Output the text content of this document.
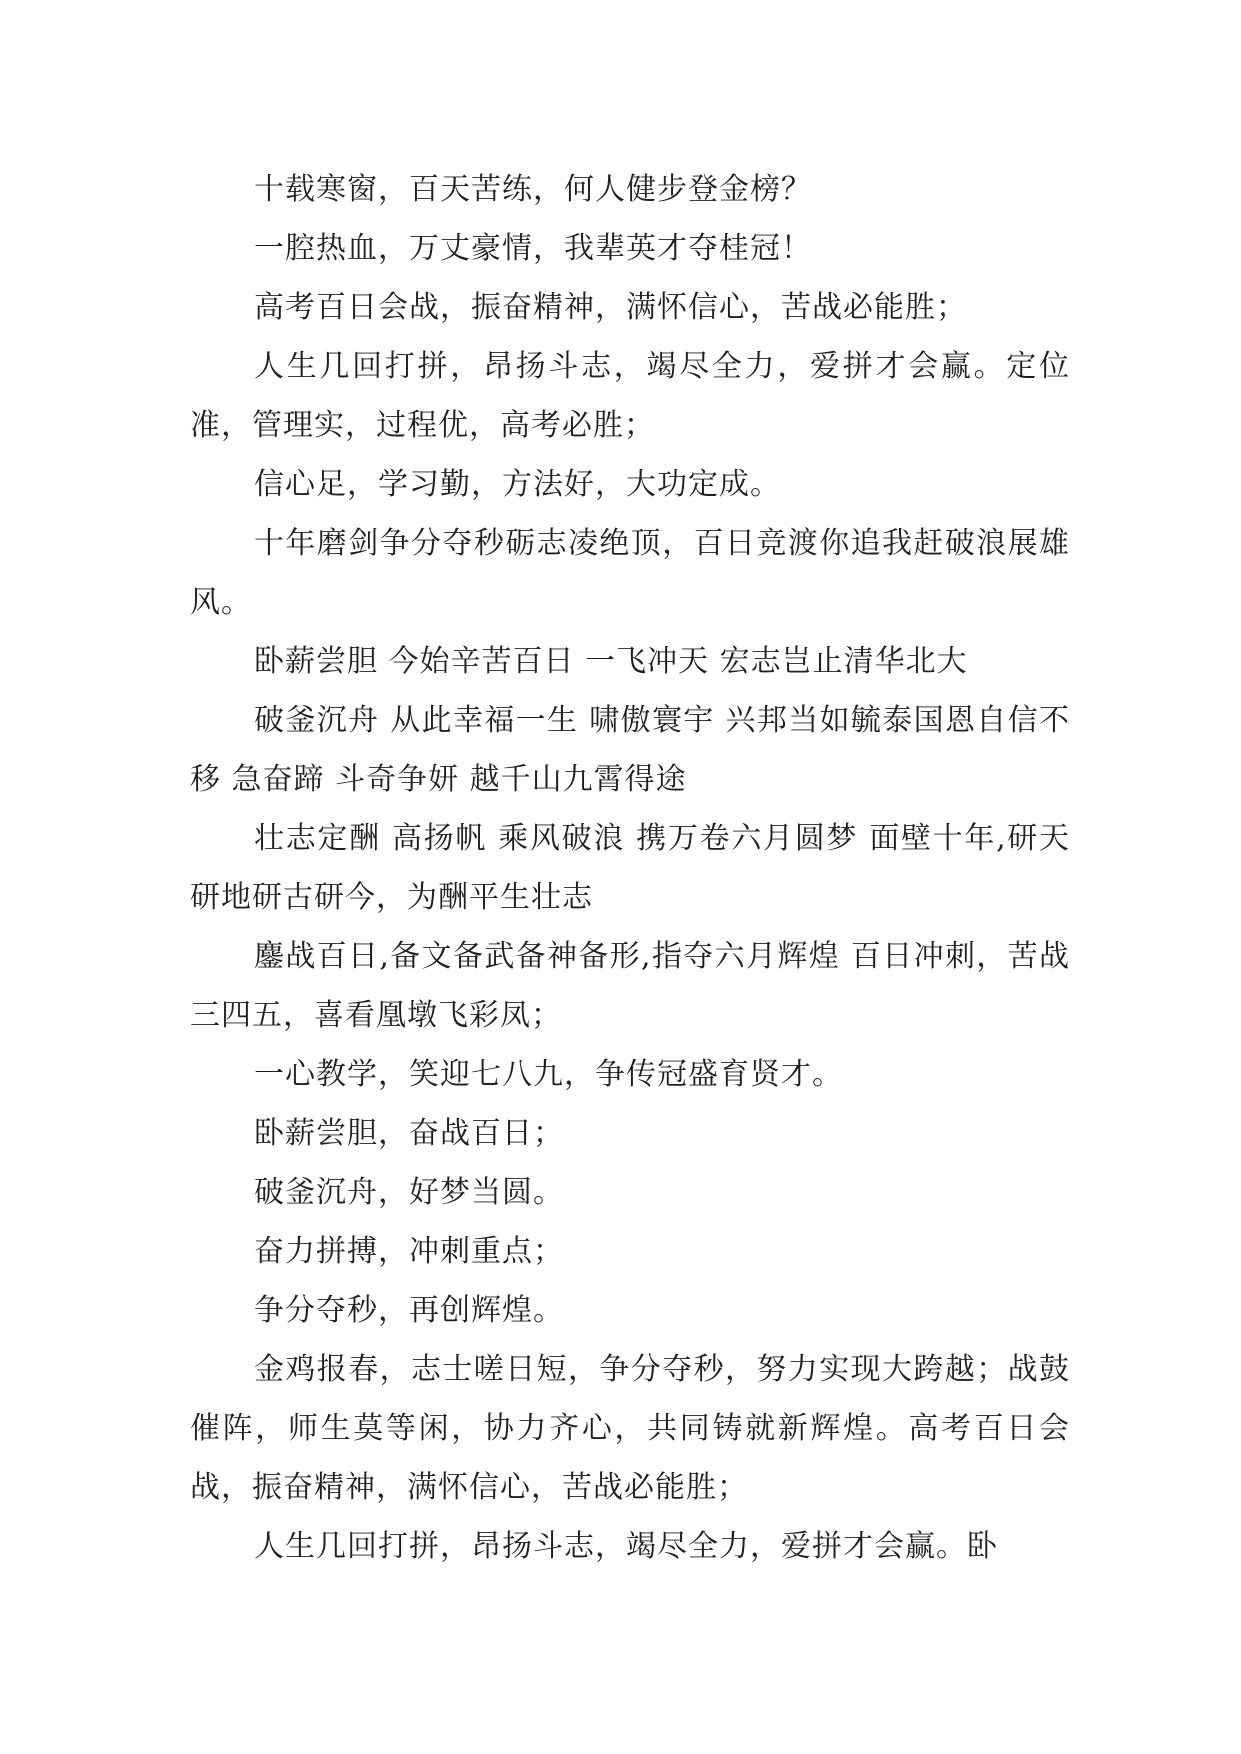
十载寒窗，百天苦练，何人健步登金榜？

一腔热血，万丈豪情，我辈英才夺桂冠！

高考百日会战，振奋精神，满怀信心，苦战必能胜；

人生几回打拼，昂扬斗志，竭尽全力，爱拼才会赢。定位准，管理实，过程优，高考必胜；

信心足，学习勤，方法好，大功定成。

十年磨剑争分夺秒砺志凌绝顶，百日竞渡你追我赶破浪展雄风。

卧薪尝胆 今始辛苦百日 一飞冲天 宏志岂止清华北大

破釜沉舟 从此幸福一生 啸傲寰宇 兴邦当如毓泰国恩自信不移 急奋蹄 斗奇争妍 越千山九霄得途

壮志定酬 高扬帆 乘风破浪 携万卷六月圆梦 面壁十年,研天研地研古研今，为酬平生壮志

鏖战百日,备文备武备神备形,指夺六月辉煌 百日冲刺，苦战三四五，喜看凰墩飞彩凤；

一心教学，笑迎七八九，争传冠盛育贤才。

卧薪尝胆，奋战百日；

破釜沉舟，好梦当圆。

奋力拼搏，冲刺重点；

争分夺秒，再创辉煌。

金鸡报春，志士嗟日短，争分夺秒，努力实现大跨越；战鼓催阵，师生莫等闲，协力齐心，共同铸就新辉煌。高考百日会战，振奋精神，满怀信心，苦战必能胜；

人生几回打拼，昂扬斗志，竭尽全力，爱拼才会赢。卧
